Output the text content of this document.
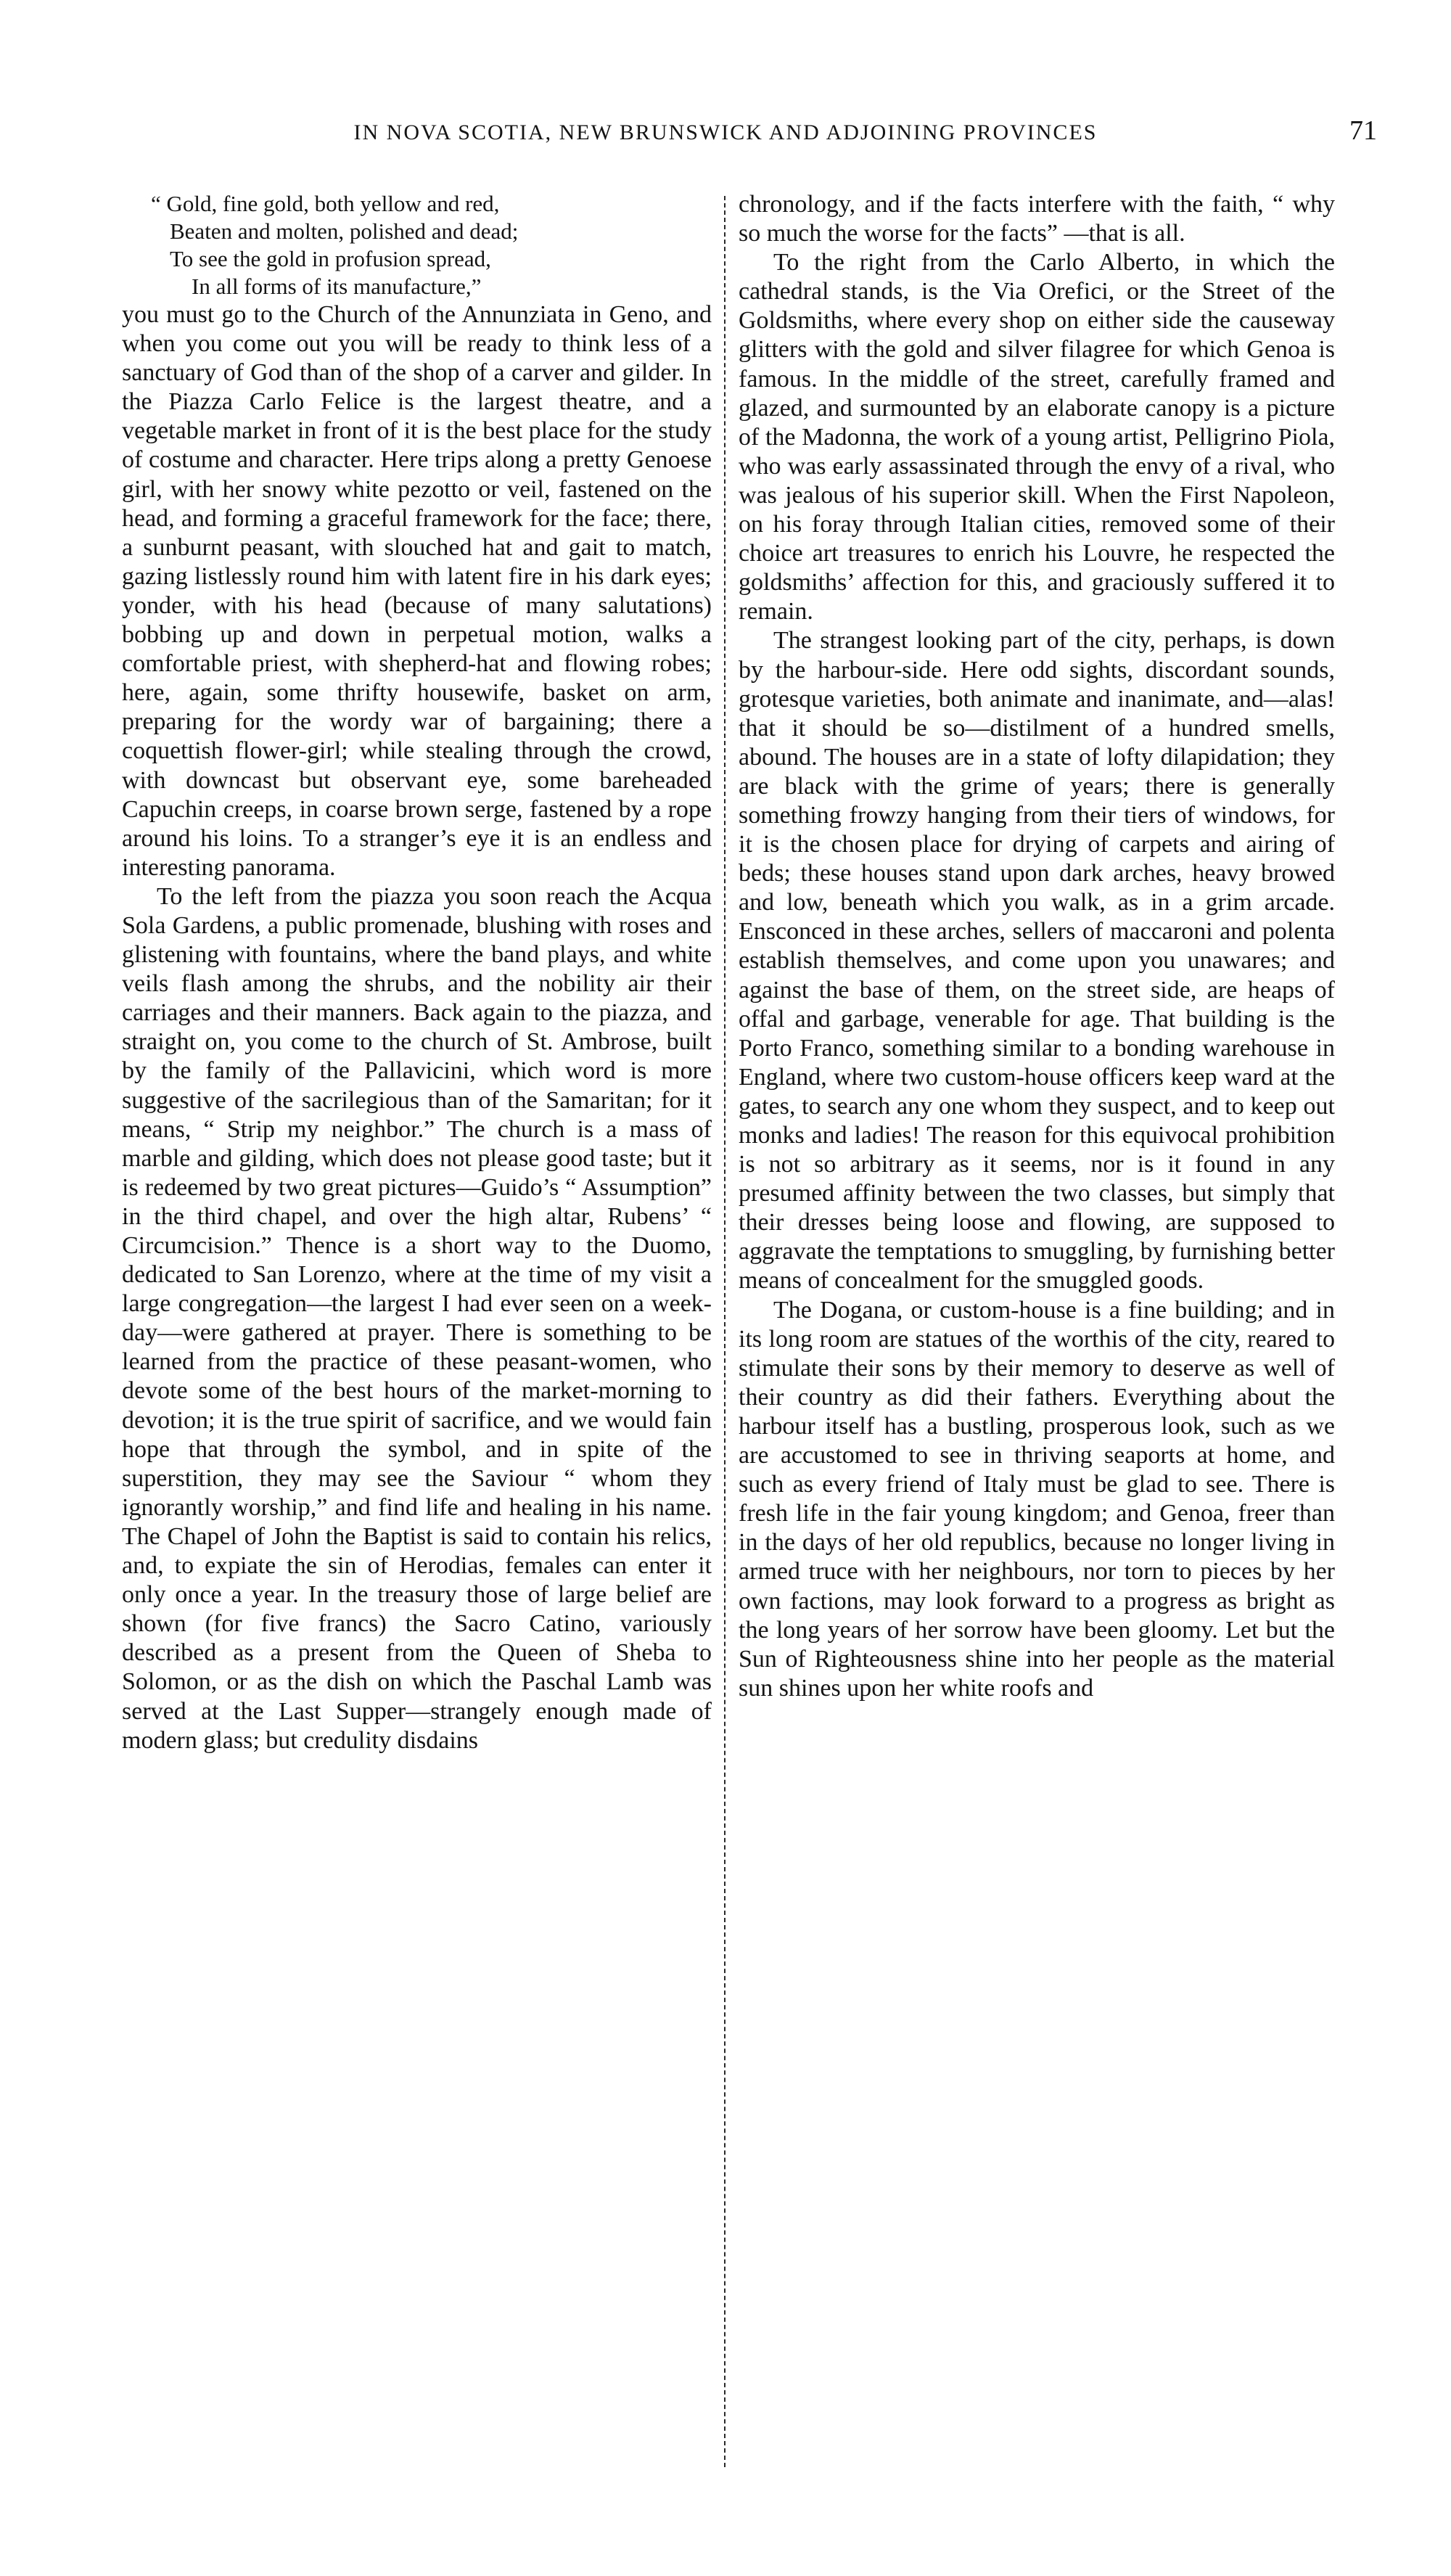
IN NOVA SCOTIA, NEW BRUNSWICK AND ADJOINING PROVINCES	71
“ Gold, fine gold, both yellow and red,
Beaten and molten, polished and dead;
To see the gold in profusion spread,
In all forms of its manufacture,”

you must go to the Church of the Annunziata in Geno, and when you come out you will be ready to think less of a sanctuary of God than of the shop of a carver and gilder. In the Piazza Carlo Felice is the largest theatre, and a vegetable market in front of it is the best place for the study of costume and character. Here trips along a pretty Genoese girl, with her snowy white pezotto or veil, fastened on the head, and forming a graceful framework for the face; there, a sunburnt peasant, with slouched hat and gait to match, gazing listlessly round him with latent fire in his dark eyes; yonder, with his head (because of many salutations) bobbing up and down in perpetual motion, walks a comfortable priest, with shepherd-hat and flowing robes; here, again, some thrifty housewife, basket on arm, preparing for the wordy war of bargaining; there a coquettish flower-girl; while stealing through the crowd, with downcast but observant eye, some bareheaded Capuchin creeps, in coarse brown serge, fastened by a rope around his loins. To a stranger’s eye it is an endless and interesting panorama.

To the left from the piazza you soon reach the Acqua Sola Gardens, a public promenade, blushing with roses and glistening with fountains, where the band plays, and white veils flash among the shrubs, and the nobility air their carriages and their manners. Back again to the piazza, and straight on, you come to the church of St. Ambrose, built by the family of the Pallavicini, which word is more suggestive of the sacrilegious than of the Samaritan; for it means, “ Strip my neighbor.” The church is a mass of marble and gilding, which does not please good taste; but it is redeemed by two great pictures—Guido’s “ Assumption” in the third chapel, and over the high altar, Rubens’ “ Circumcision.” Thence is a short way to the Duomo, dedicated to San Lorenzo, where at the time of my visit a large congregation—the largest I had ever seen on a week-day—were gathered at prayer. There is something to be learned from the practice of these peasant-women, who devote some of the best hours of the market-morning to devotion; it is the true spirit of sacrifice, and we would fain hope that through the symbol, and in spite of the superstition, they may see the Saviour “ whom they ignorantly worship,” and find life and healing in his name. The Chapel of John the Baptist is said to contain his relics, and, to expiate the sin of Herodias, females can enter it only once a year. In the treasury those of large belief are shown (for five francs) the Sacro Catino, variously described as a present from the Queen of Sheba to Solomon, or as the dish on which the Paschal Lamb was served at the Last Supper—strangely enough made of modern glass; but credulity disdains

chronology, and if the facts interfere with the faith, “ why so much the worse for the facts” —that is all.

To the right from the Carlo Alberto, in which the cathedral stands, is the Via Orefici, or the Street of the Goldsmiths, where every shop on either side the causeway glitters with the gold and silver filagree for which Genoa is famous. In the middle of the street, carefully framed and glazed, and surmounted by an elaborate canopy is a picture of the Madonna, the work of a young artist, Pelligrino Piola, who was early assassinated through the envy of a rival, who was jealous of his superior skill. When the First Napoleon, on his foray through Italian cities, removed some of their choice art treasures to enrich his Louvre, he respected the goldsmiths’ affection for this, and graciously suffered it to remain.

The strangest looking part of the city, perhaps, is down by the harbour-side. Here odd sights, discordant sounds, grotesque varieties, both animate and inanimate, and—alas! that it should be so—distilment of a hundred smells, abound. The houses are in a state of lofty dilapidation; they are black with the grime of years; there is generally something frowzy hanging from their tiers of windows, for it is the chosen place for drying of carpets and airing of beds; these houses stand upon dark arches, heavy browed and low, beneath which you walk, as in a grim arcade. Ensconced in these arches, sellers of maccaroni and polenta establish themselves, and come upon you unawares; and against the base of them, on the street side, are heaps of offal and garbage, venerable for age. That building is the Porto Franco, something similar to a bonding warehouse in England, where two custom-house officers keep ward at the gates, to search any one whom they suspect, and to keep out monks and ladies! The reason for this equivocal prohibition is not so arbitrary as it seems, nor is it found in any presumed affinity between the two classes, but simply that their dresses being loose and flowing, are supposed to aggravate the temptations to smuggling, by furnishing better means of concealment for the smuggled goods.

The Dogana, or custom-house is a fine building; and in its long room are statues of the worthis of the city, reared to stimulate their sons by their memory to deserve as well of their country as did their fathers. Everything about the harbour itself has a bustling, prosperous look, such as we are accustomed to see in thriving seaports at home, and such as every friend of Italy must be glad to see. There is fresh life in the fair young kingdom; and Genoa, freer than in the days of her old republics, because no longer living in armed truce with her neighbours, nor torn to pieces by her own factions, may look forward to a progress as bright as the long years of her sorrow have been gloomy. Let but the Sun of Righteousness shine into her people as the material sun shines upon her white roofs and
